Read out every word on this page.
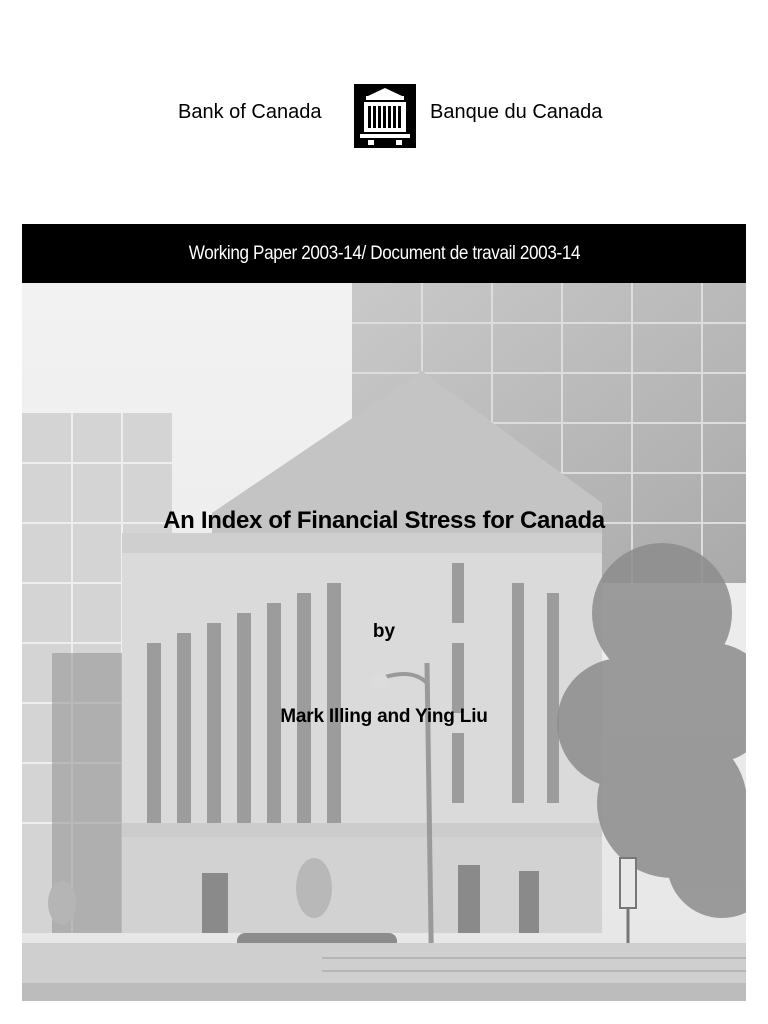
Bank of Canada	Banque du Canada
Working Paper 2003-14/ Document de travail 2003-14
An Index of Financial Stress for Canada
by
Mark Illing and Ying Liu
